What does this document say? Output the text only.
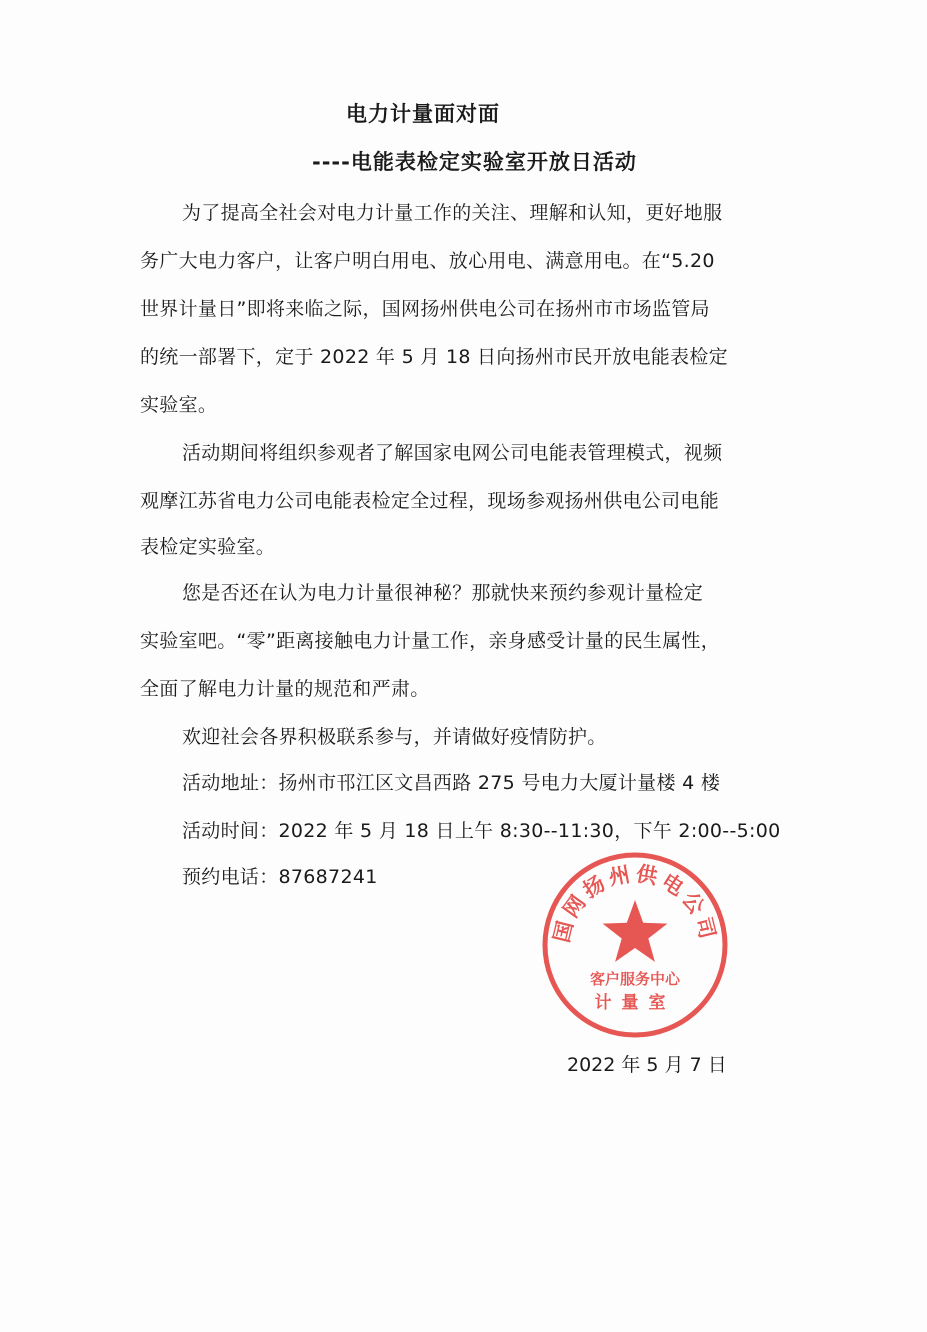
电力计量面对面
----电能表检定实验室开放日活动
为了提高全社会对电力计量工作的关注、理解和认知，更好地服
务广大电力客户，让客户明白用电、放心用电、满意用电。在“5.20
世界计量日”即将来临之际，国网扬州供电公司在扬州市市场监管局
的统一部署下，定于 2022 年 5 月 18 日向扬州市民开放电能表检定
实验室。
活动期间将组织参观者了解国家电网公司电能表管理模式，视频
观摩江苏省电力公司电能表检定全过程，现场参观扬州供电公司电能
表检定实验室。
您是否还在认为电力计量很神秘？那就快来预约参观计量检定
实验室吧。“零”距离接触电力计量工作，亲身感受计量的民生属性，
全面了解电力计量的规范和严肃。
欢迎社会各界积极联系参与，并请做好疫情防护。
活动地址：扬州市邗江区文昌西路 275 号电力大厦计量楼 4 楼
活动时间：2022 年 5 月 18 日上午 8:30--11:30，下午 2:00--5:00
预约电话：87687241
国网扬州供电公司
客户服务中心
计量室
2022 年 5 月 7 日
